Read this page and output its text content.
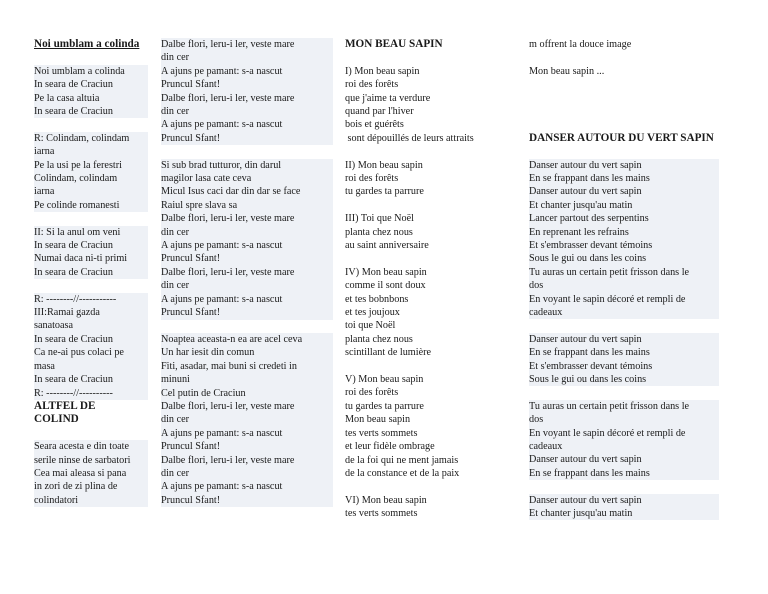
Noi umblam a colinda
Noi umblam a colinda
In seara de Craciun
Pe la casa altuia
In seara de Craciun
R: Colindam, colindam
iarna
Pe la usi pe la ferestri
Colindam, colindam
iarna
Pe colinde romanesti
II: Si la anul om veni
In seara de Craciun
Numai daca ni-ti primi
In seara de Craciun
R: --------//-----------
III:Ramai gazda
sanatoasa
In seara de Craciun
Ca ne-ai pus colaci pe
masa
In seara de Craciun
R: --------//----------
ALTFEL DE
COLIND
Seara acesta e din toate
serile ninse de sarbatori
Cea mai aleasa si pana
in zori de zi plina de
colindatori
Dalbe flori, leru-i ler, veste mare
din cer
A ajuns pe pamant: s-a nascut
Pruncul Sfant!
Dalbe flori, leru-i ler, veste mare
din cer
A ajuns pe pamant: s-a nascut
Pruncul Sfant!
Si sub brad tutturor, din darul
magilor lasa cate ceva
Micul Isus caci dar din dar se face
Raiul spre slava sa
Dalbe flori, leru-i ler, veste mare
din cer
A ajuns pe pamant: s-a nascut
Pruncul Sfant!
Dalbe flori, leru-i ler, veste mare
din cer
A ajuns pe pamant: s-a nascut
Pruncul Sfant!
Noaptea aceasta-n ea are acel ceva
Un har iesit din comun
Fiti, asadar, mai buni si credeti in
minuni
Cel putin de Craciun
Dalbe flori, leru-i ler, veste mare
din cer
A ajuns pe pamant: s-a nascut
Pruncul Sfant!
Dalbe flori, leru-i ler, veste mare
din cer
A ajuns pe pamant: s-a nascut
Pruncul Sfant!
MON BEAU SAPIN
I) Mon beau sapin
roi des forêts
que j'aime ta verdure
quand par l'hiver
bois et guérêts
sont dépouillés de leurs attraits
II) Mon beau sapin
roi des forêts
tu gardes ta parrure
III) Toi que Noël
planta chez nous
au saint anniversaire
IV) Mon beau sapin
comme il sont doux
et tes bobnbons
et tes joujoux
toi que Noël
planta chez nous
scintillant de lumière
V) Mon beau sapin
roi des forêts
tu gardes ta parrure
Mon beau sapin
tes verts sommets
et leur fidèle ombrage
de la foi qui ne ment jamais
de la constance et de la paix
VI) Mon beau sapin
tes verts sommets
m offrent la douce image
Mon beau sapin ...
DANSER AUTOUR DU VERT SAPIN
Danser autour du vert sapin
En se frappant dans les mains
Danser autour du vert sapin
Et chanter jusqu'au matin
Lancer partout des serpentins
En reprenant les refrains
Et s'embrasser devant témoins
Sous le gui ou dans les coins
Tu auras un certain petit frisson dans le
dos
En voyant le sapin décoré et rempli de
cadeaux
Danser autour du vert sapin
En se frappant dans les mains
Et s'embrasser devant témoins
Sous le gui ou dans les coins
Tu auras un certain petit frisson dans le
dos
En voyant le sapin décoré et rempli de
cadeaux
Danser autour du vert sapin
En se frappant dans les mains
Danser autour du vert sapin
Et chanter jusqu'au matin
